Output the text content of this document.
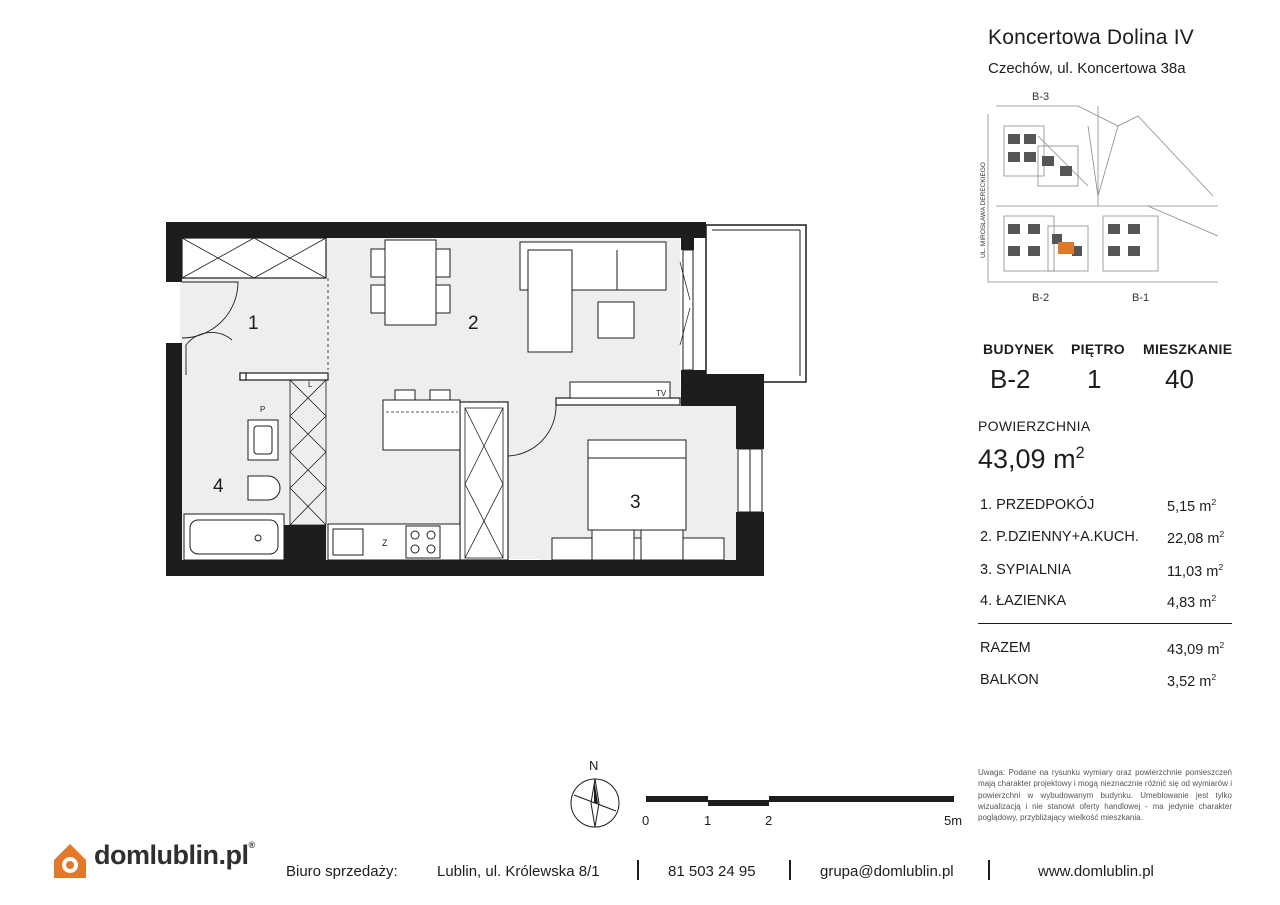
1	2
3
4
TV
P
L
Z
B-3
B-2	B-1
UL. MIROSŁAWA DERECKIEGO
Koncertowa Dolina IV
Czechów, ul. Koncertowa 38a
BUDYNEK PIĘTRO MIESZKANIE
B-2 1 40
POWIERZCHNIA
43,09 $m^2$
1. PRZEDPOKÓJ	5,15 $m^2$
2. P.DZIENNY+A.KUCH. 22,08 $m^2$
3. SYPIALNIA	11,03 $m^2$
4. ŁAZIENKA	4,83 $m^2$
RAZEM	43,09 $m^2$
BALKON	3,52 $m^2$
Uwaga: Podane na rysunku wymiary oraz powierzchnie pomieszczeń mają charakter projektowy i mogą nieznacznie różnić się od wymiarów i powierzchni w wybudowanym budynku. Umeblowanie jest tylko wizualizacją i nie stanowi oferty handlowej - ma jedynie charakter poglądowy, przybliżający wielkość mieszkania.
N
0	1	2	5m
domlublin.pl®
Biuro sprzedaży:	Lublin, ul. Królewska 8/1	81 503 24 95	grupa@domlublin.pl	www.domlublin.pl
